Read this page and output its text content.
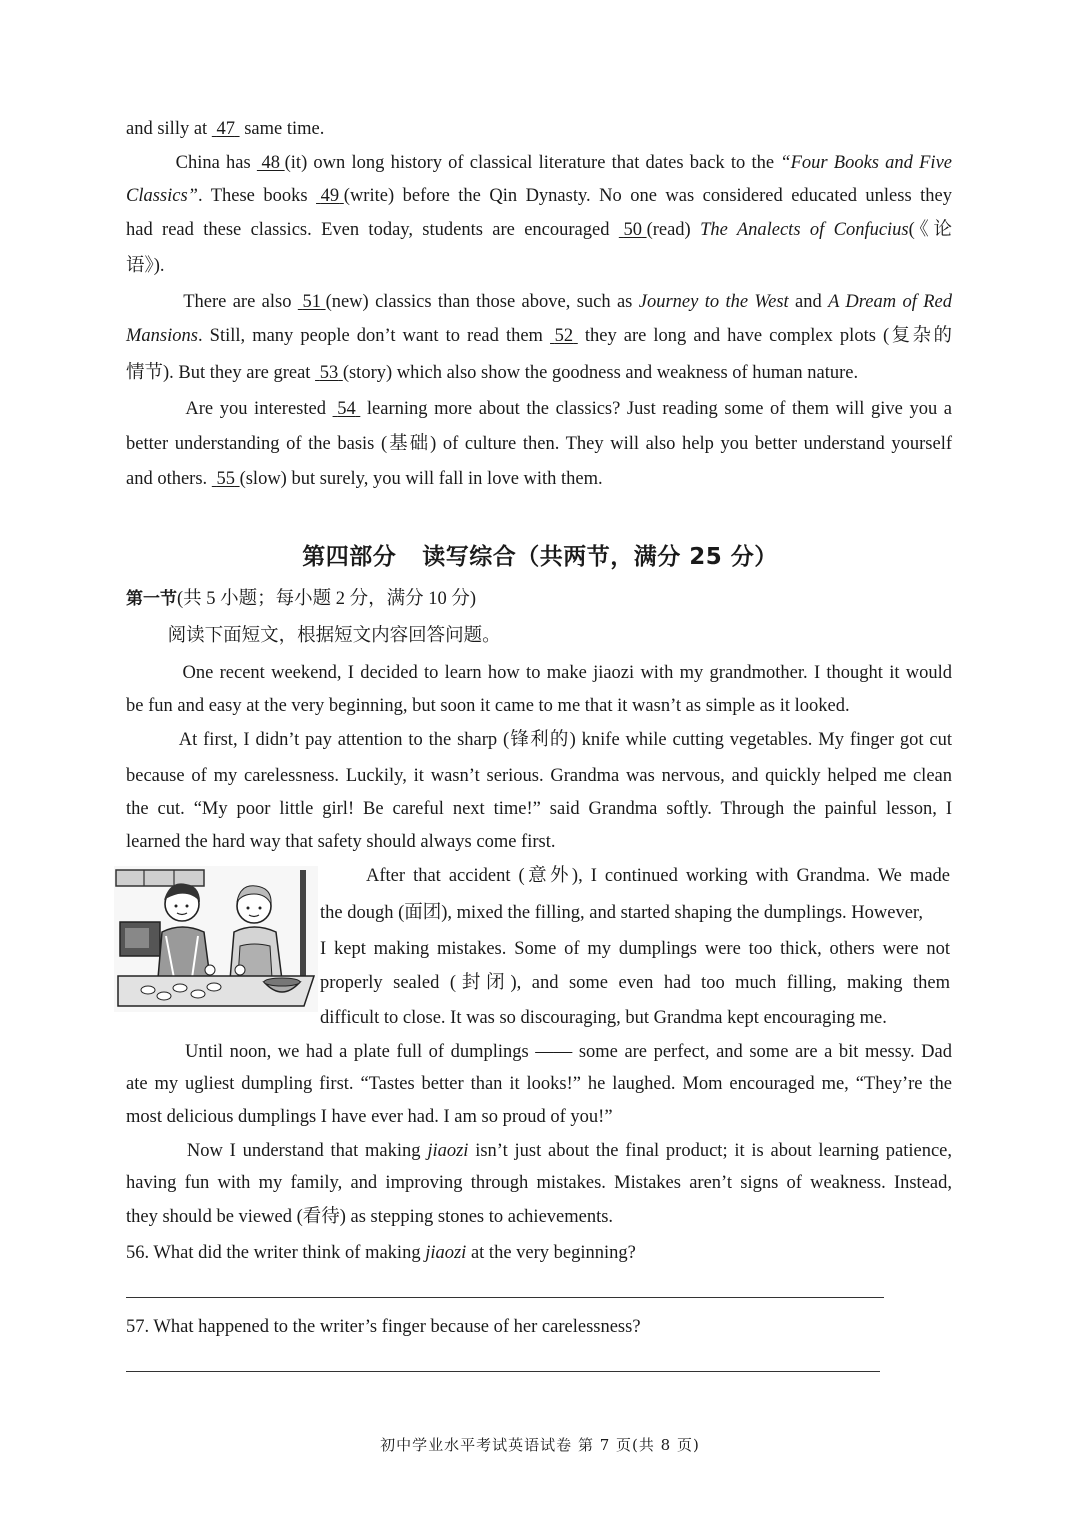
and silly at  47  same time.
China has  48 (it) own long history of classical literature that dates back to the “Four Books and Five
Classics”. These books  49 (write) before the Qin Dynasty. No one was considered educated unless they
had read these classics. Even today, students are encouraged  50 (read) The Analects of Confucius(《论
语》).
There are also  51 (new) classics than those above, such as Journey to the West and A Dream of Red
Mansions. Still, many people don’t want to read them  52  they are long and have complex plots (复杂的
情节). But they are great  53 (story) which also show the goodness and weakness of human nature.
Are you interested  54  learning more about the classics? Just reading some of them will give you a
better understanding of the basis (基础) of culture then. They will also help you better understand yourself
and others.  55 (slow) but surely, you will fall in love with them.
第四部分 读写综合（共两节，满分 25 分）
第一节(共 5 小题；每小题 2 分，满分 10 分)
阅读下面短文，根据短文内容回答问题。
One recent weekend, I decided to learn how to make jiaozi with my grandmother. I thought it would
be fun and easy at the very beginning, but soon it came to me that it wasn’t as simple as it looked.
At first, I didn’t pay attention to the sharp (锋利的) knife while cutting vegetables. My finger got cut
because of my carelessness. Luckily, it wasn’t serious. Grandma was nervous, and quickly helped me clean
the cut. “My poor little girl! Be careful next time!” said Grandma softly. Through the painful lesson, I
learned the hard way that safety should always come first.
After that accident (意外), I continued working with Grandma. We made
the dough (面团), mixed the filling, and started shaping the dumplings. However,
I kept making mistakes. Some of my dumplings were too thick, others were not
properly sealed (封闭), and some even had too much filling, making them
difficult to close. It was so discouraging, but Grandma kept encouraging me.
Until noon, we had a plate full of dumplings —— some are perfect, and some are a bit messy. Dad
ate my ugliest dumpling first. “Tastes better than it looks!” he laughed. Mom encouraged me, “They’re the
most delicious dumplings I have ever had. I am so proud of you!”
Now I understand that making jiaozi isn’t just about the final product; it is about learning patience,
having fun with my family, and improving through mistakes. Mistakes aren’t signs of weakness. Instead,
they should be viewed (看待) as stepping stones to achievements.
56. What did the writer think of making jiaozi at the very beginning?
57. What happened to the writer’s finger because of her carelessness?
初中学业水平考试英语试卷 第 7 页(共 8 页)
